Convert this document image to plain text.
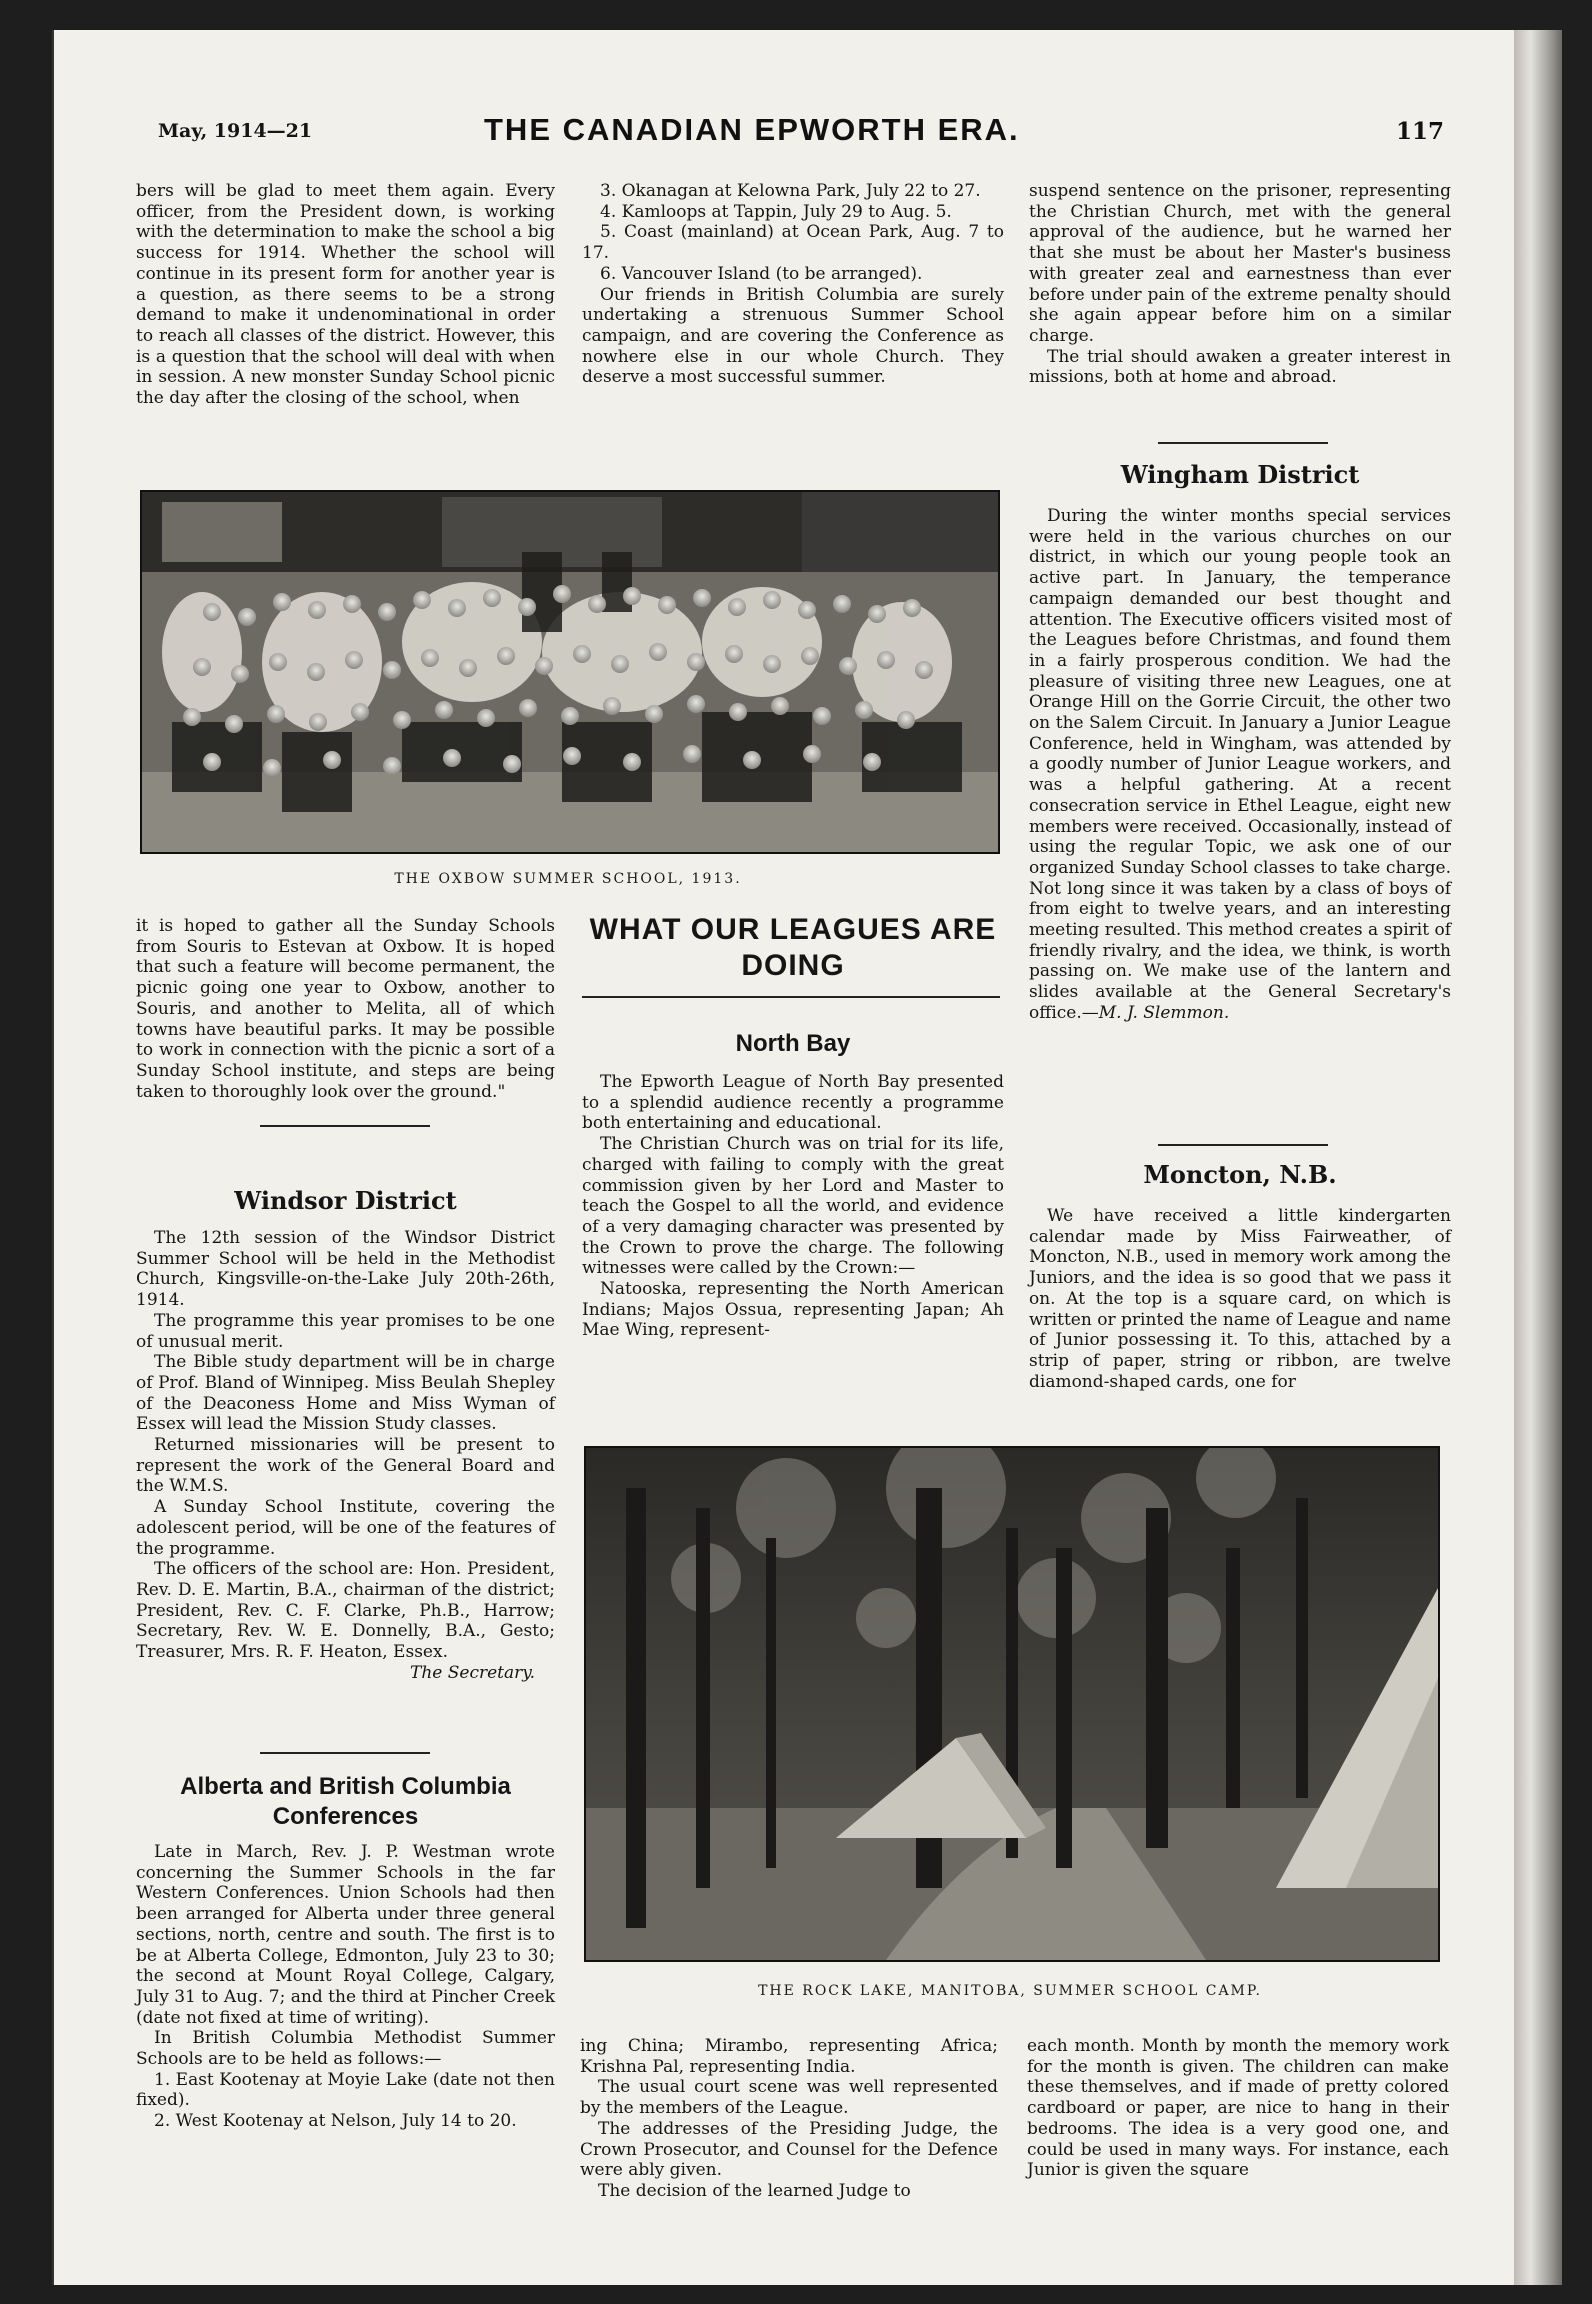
May, 1914—21	THE CANADIAN EPWORTH ERA.	117

bers will be glad to meet them again. Every officer, from the President down, is working with the determination to make the school a big success for 1914. Whether the school will continue in its present form for another year is a question, as there seems to be a strong demand to make it undenominational in order to reach all classes of the district. However, this is a question that the school will deal with when in session. A new monster Sunday School picnic the day after the closing of the school, when

3. Okanagan at Kelowna Park, July 22 to 27.

4. Kamloops at Tappin, July 29 to Aug. 5.

5. Coast (mainland) at Ocean Park, Aug. 7 to 17.

6. Vancouver Island (to be arranged).

Our friends in British Columbia are surely undertaking a strenuous Summer School campaign, and are covering the Conference as nowhere else in our whole Church. They deserve a most successful summer.

suspend sentence on the prisoner, representing the Christian Church, met with the general approval of the audience, but he warned her that she must be about her Master's business with greater zeal and earnestness than ever before under pain of the extreme penalty should she again appear before him on a similar charge.

The trial should awaken a greater interest in missions, both at home and abroad.

Wingham District

During the winter months special services were held in the various churches on our district, in which our young people took an active part. In January, the temperance campaign demanded our best thought and attention. The Executive officers visited most of the Leagues before Christmas, and found them in a fairly prosperous condition. We had the pleasure of visiting three new Leagues, one at Orange Hill on the Gorrie Circuit, the other two on the Salem Circuit. In January a Junior League Conference, held in Wingham, was attended by a goodly number of Junior League workers, and was a helpful gathering. At a recent consecration service in Ethel League, eight new members were received. Occasionally, instead of using the regular Topic, we ask one of our organized Sunday School classes to take charge. Not long since it was taken by a class of boys of from eight to twelve years, and an interesting meeting resulted. This method creates a spirit of friendly rivalry, and the idea, we think, is worth passing on. We make use of the lantern and slides available at the General Secretary's office.—M. J. Slemmon.

Moncton, N.B.

We have received a little kindergarten calendar made by Miss Fairweather, of Moncton, N.B., used in memory work among the Juniors, and the idea is so good that we pass it on. At the top is a square card, on which is written or printed the name of League and name of Junior possessing it. To this, attached by a strip of paper, string or ribbon, are twelve diamond-shaped cards, one for

THE OXBOW SUMMER SCHOOL, 1913.

it is hoped to gather all the Sunday Schools from Souris to Estevan at Oxbow. It is hoped that such a feature will become permanent, the picnic going one year to Oxbow, another to Souris, and another to Melita, all of which towns have beautiful parks. It may be possible to work in connection with the picnic a sort of a Sunday School institute, and steps are being taken to thoroughly look over the ground."

Windsor District

The 12th session of the Windsor District Summer School will be held in the Methodist Church, Kingsville-on-the-Lake July 20th-26th, 1914.

The programme this year promises to be one of unusual merit.

The Bible study department will be in charge of Prof. Bland of Winnipeg. Miss Beulah Shepley of the Deaconess Home and Miss Wyman of Essex will lead the Mission Study classes.

Returned missionaries will be present to represent the work of the General Board and the W.M.S.

A Sunday School Institute, covering the adolescent period, will be one of the features of the programme.

The officers of the school are: Hon. President, Rev. D. E. Martin, B.A., chairman of the district; President, Rev. C. F. Clarke, Ph.B., Harrow; Secretary, Rev. W. E. Donnelly, B.A., Gesto; Treasurer, Mrs. R. F. Heaton, Essex.

The Secretary.

Alberta and British Columbia Conferences

Late in March, Rev. J. P. Westman wrote concerning the Summer Schools in the far Western Conferences. Union Schools had then been arranged for Alberta under three general sections, north, centre and south. The first is to be at Alberta College, Edmonton, July 23 to 30; the second at Mount Royal College, Calgary, July 31 to Aug. 7; and the third at Pincher Creek (date not fixed at time of writing).

In British Columbia Methodist Summer Schools are to be held as follows:—

1. East Kootenay at Moyie Lake (date not then fixed).

2. West Kootenay at Nelson, July 14 to 20.

WHAT OUR LEAGUES ARE DOING
North Bay

The Epworth League of North Bay presented to a splendid audience recently a programme both entertaining and educational.

The Christian Church was on trial for its life, charged with failing to comply with the great commission given by her Lord and Master to teach the Gospel to all the world, and evidence of a very damaging character was presented by the Crown to prove the charge. The following witnesses were called by the Crown:—

Natooska, representing the North American Indians; Majos Ossua, representing Japan; Ah Mae Wing, represent-

THE ROCK LAKE, MANITOBA, SUMMER SCHOOL CAMP.

ing China; Mirambo, representing Africa; Krishna Pal, representing India.

The usual court scene was well represented by the members of the League.

The addresses of the Presiding Judge, the Crown Prosecutor, and Counsel for the Defence were ably given.

The decision of the learned Judge to

each month. Month by month the memory work for the month is given. The children can make these themselves, and if made of pretty colored cardboard or paper, are nice to hang in their bedrooms. The idea is a very good one, and could be used in many ways. For instance, each Junior is given the square
